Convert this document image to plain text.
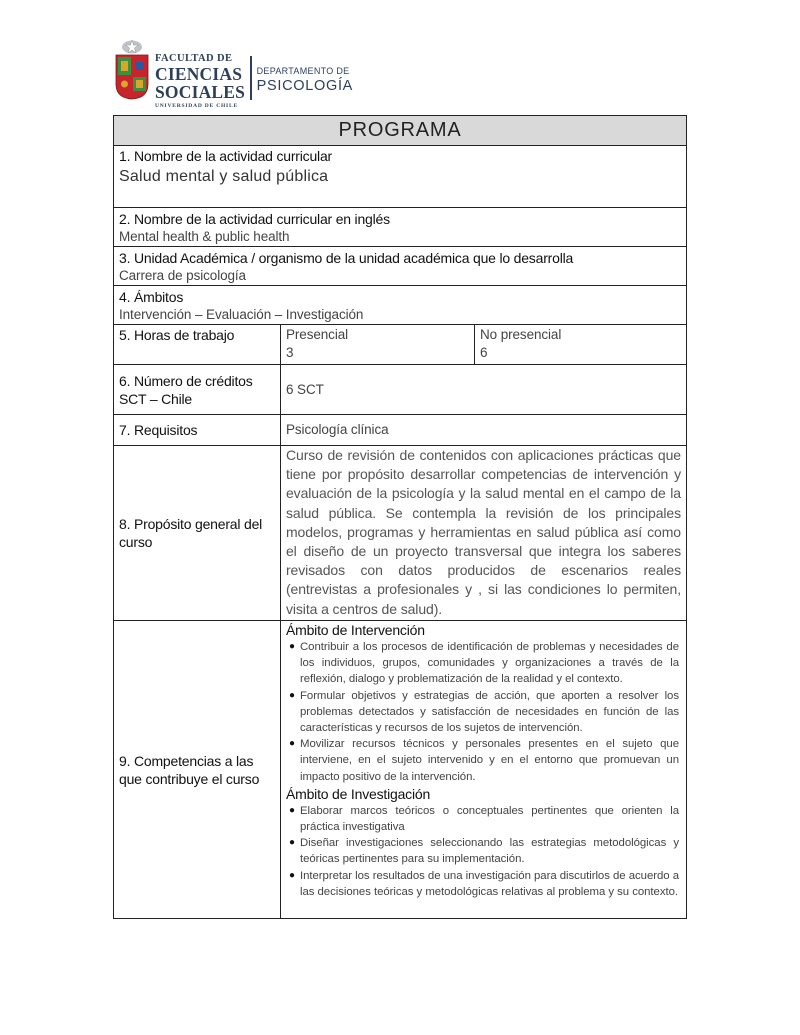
FACULTAD DE
CIENCIAS
SOCIALES
UNIVERSIDAD DE CHILE
DEPARTAMENTO DE
PSICOLOGÍA
PROGRAMA
1. Nombre de la actividad curricular
Salud mental y salud pública
2. Nombre de la actividad curricular en inglés
Mental health & public health
3. Unidad Académica / organismo de la unidad académica que lo desarrolla
Carrera de psicología
4. Ámbitos
Intervención – Evaluación – Investigación
5. Horas de trabajo	Presencial
3
No presencial
6
6. Número de créditos
SCT – Chile
6 SCT
7. Requisitos	Psicología clínica
8. Propósito general del
curso
Curso de revisión de contenidos con aplicaciones prácticas que tiene por propósito desarrollar competencias de intervención y evaluación de la psicología y la salud mental en el campo de la salud pública. Se contempla la revisión de los principales modelos, programas y herramientas en salud pública así como el diseño de un proyecto transversal que integra los saberes revisados con datos producidos de escenarios reales (entrevistas a profesionales y , si las condiciones lo permiten, visita a centros de salud).
9. Competencias a las
que contribuye el curso
Ámbito de Intervención
● Contribuir a los procesos de identificación de problemas y necesidades de los individuos, grupos, comunidades y organizaciones a través de la reflexión, dialogo y problematización de la realidad y el contexto.
● Formular objetivos y estrategias de acción, que aporten a resolver los problemas detectados y satisfacción de necesidades en función de las características y recursos de los sujetos de intervención.
● Movilizar recursos técnicos y personales presentes en el sujeto que interviene, en el sujeto intervenido y en el entorno que promuevan un impacto positivo de la intervención.
Ámbito de Investigación
● Elaborar marcos teóricos o conceptuales pertinentes que orienten la práctica investigativa
● Diseñar investigaciones seleccionando las estrategias metodológicas y teóricas pertinentes para su implementación.
● Interpretar los resultados de una investigación para discutirlos de acuerdo a las decisiones teóricas y metodológicas relativas al problema y su contexto.
